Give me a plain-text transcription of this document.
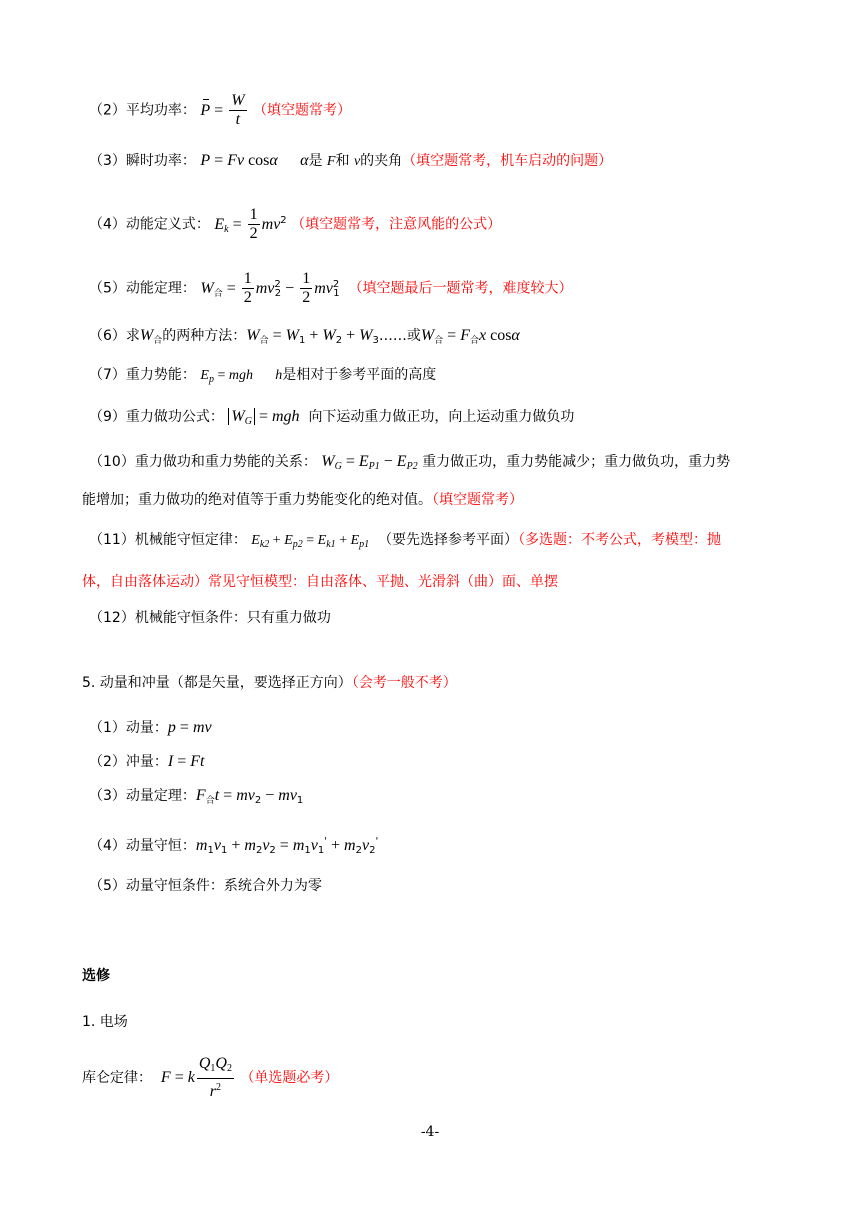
（2）平均功率： $P = \frac{W}{t}$ （填空题常考）
（3）瞬时功率： P = Fv cosα α是 F和 v的夹角（填空题常考，机车启动的问题）
（4）动能定义式： $E_k = \frac{1}{2} mv^2$ （填空题常考，注意风能的公式）
（5）动能定理： $W_合 = \frac{1}{2} mv^2_2 - \frac{1}{2} mv^2_1$ （填空题最后一题常考，难度较大）
（6）求$W_合$的两种方法：$W_合 = W_1 + W_2$ + $W_3\dots\dots$或$W_合 = F_合x$ cosα
（7）重力势能： $E_p$ = mgh h是相对于参考平面的高度
（9）重力做功公式： $W_G$ = mgh 向下运动重力做正功，向上运动重力做负功
（10）重力做功和重力势能的关系： $W_G = E_{P1} - E_{P2}$ 重力做正功，重力势能减少；重力做负功，重力势
能增加；重力做功的绝对值等于重力势能变化的绝对值。（填空题常考）
（11）机械能守恒定律： $E_{k2} + E_{p2} = E_{k1} + E_{p1}$ （要先选择参考平面）（多选题：不考公式，考模型：抛
体，自由落体运动）常见守恒模型：自由落体、平抛、光滑斜（曲）面、单摆
（12）机械能守恒条件：只有重力做功
5. 动量和冲量（都是矢量，要选择正方向）（会考一般不考）
（1）动量：p = mv
（2）冲量：I = Ft
（3）动量定理：$F_合t = mv_2 - mv_1$
（4）动量守恒：$m_1v_1 + m_2v_2 = m_1v_1' + m_2v_2'$
（5）动量守恒条件：系统合外力为零
选修
1. 电场
库仑定律： F = k $\frac{Q_1Q_2}{r^2}$ （单选题必考）
-4-
